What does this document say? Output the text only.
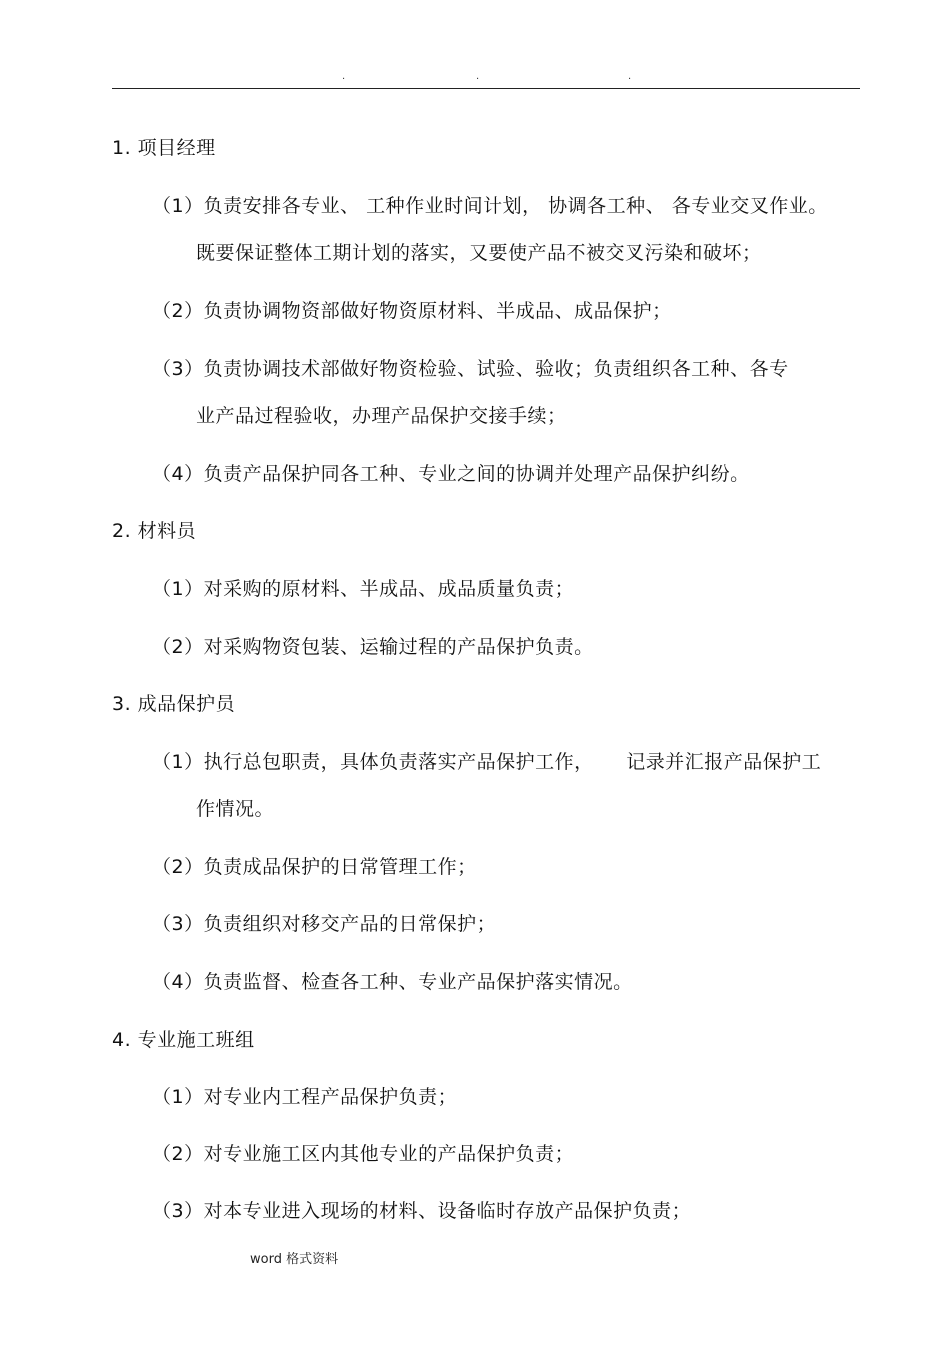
.	.	.
1. 项目经理
（1）负责安排各专业、 工种作业时间计划， 协调各工种、 各专业交叉作业。
既要保证整体工期计划的落实，又要使产品不被交叉污染和破坏；
（2）负责协调物资部做好物资原材料、半成品、成品保护；
（3）负责协调技术部做好物资检验、试验、验收；负责组织各工种、各专
业产品过程验收，办理产品保护交接手续；
（4）负责产品保护同各工种、专业之间的协调并处理产品保护纠纷。
2. 材料员
（1）对采购的原材料、半成品、成品质量负责；
（2）对采购物资包装、运输过程的产品保护负责。
3. 成品保护员
（1）执行总包职责，具体负责落实产品保护工作，     记录并汇报产品保护工
作情况。
（2）负责成品保护的日常管理工作；
（3）负责组织对移交产品的日常保护；
（4）负责监督、检查各工种、专业产品保护落实情况。
4. 专业施工班组
（1）对专业内工程产品保护负责；
（2）对专业施工区内其他专业的产品保护负责；
（3）对本专业进入现场的材料、设备临时存放产品保护负责；
word 格式资料
